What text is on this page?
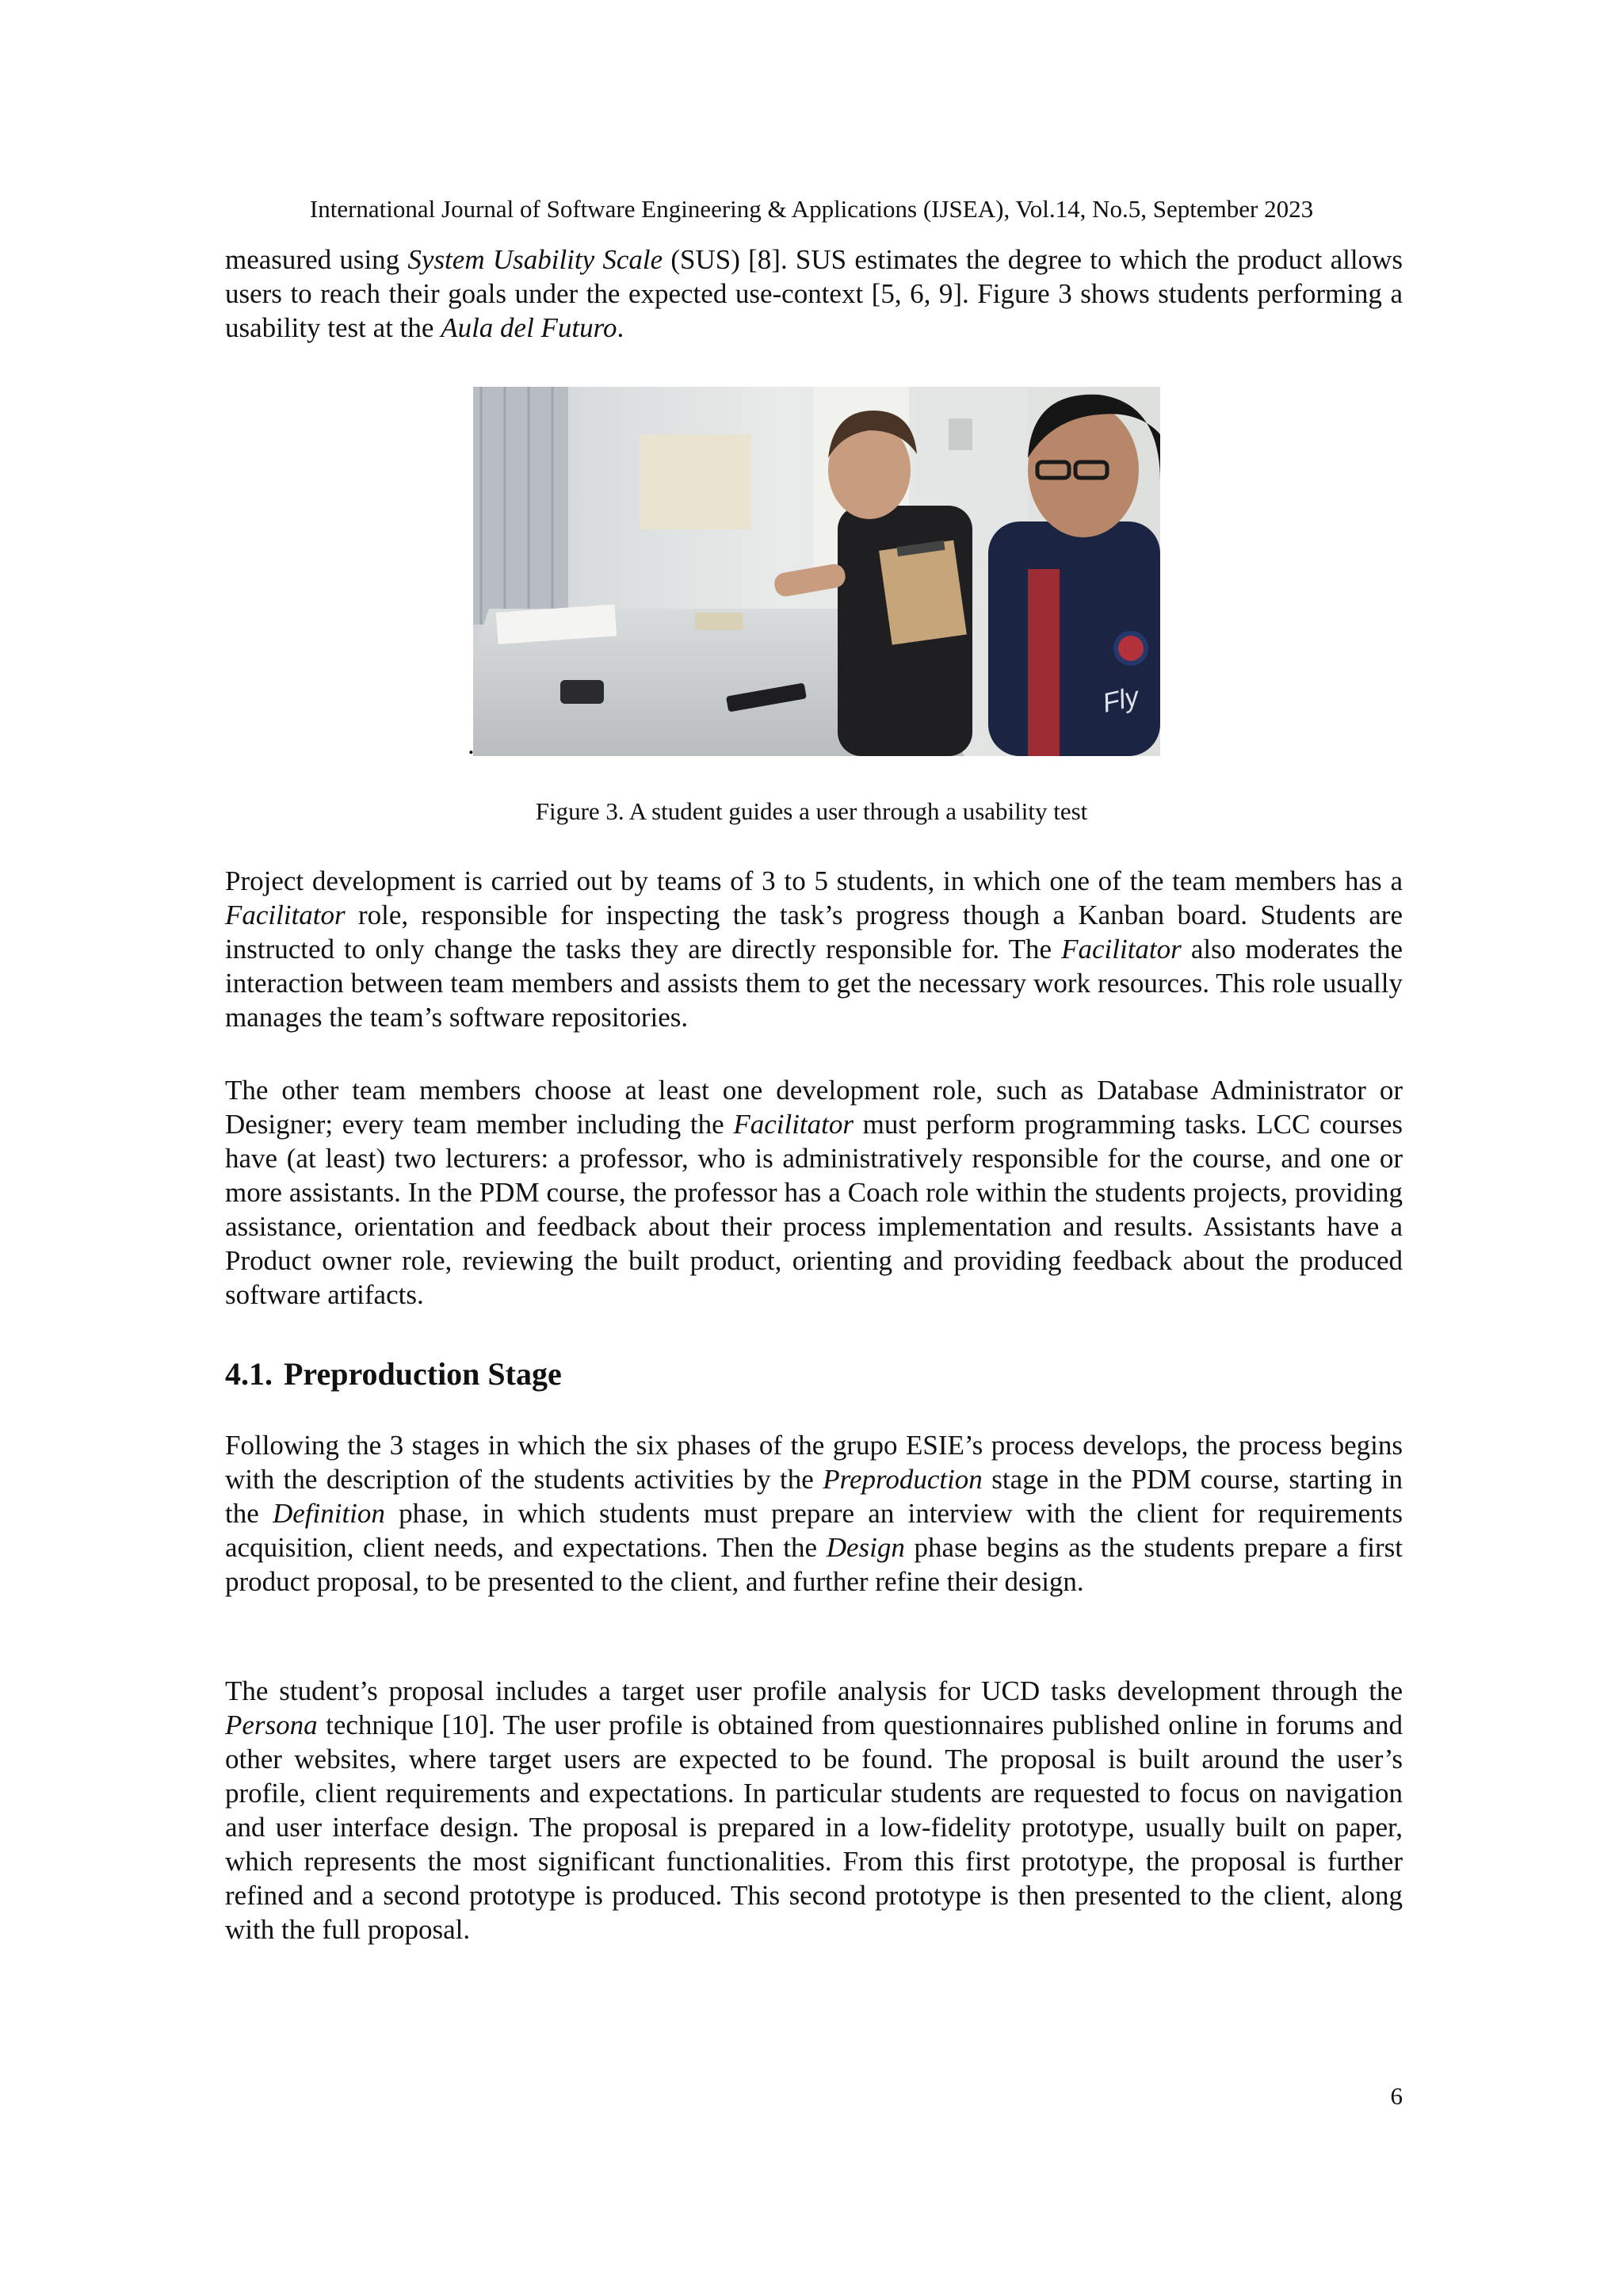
International Journal of Software Engineering & Applications (IJSEA), Vol.14, No.5, September 2023

measured using System Usability Scale (SUS) [8]. SUS estimates the degree to which the product allows users to reach their goals under the expected use-context [5, 6, 9]. Figure 3 shows students performing a usability test at the Aula del Futuro.

Fly
.
Figure 3. A student guides a user through a usability test

Project development is carried out by teams of 3 to 5 students, in which one of the team members has a Facilitator role, responsible for inspecting the task’s progress though a Kanban board. Students are instructed to only change the tasks they are directly responsible for. The Facilitator also moderates the interaction between team members and assists them to get the necessary work resources. This role usually manages the team’s software repositories.

The other team members choose at least one development role, such as Database Administrator or Designer; every team member including the Facilitator must perform programming tasks. LCC courses have (at least) two lecturers: a professor, who is administratively responsible for the course, and one or more assistants. In the PDM course, the professor has a Coach role within the students projects, providing assistance, orientation and feedback about their process implementation and results. Assistants have a Product owner role, reviewing the built product, orienting and providing feedback about the produced software artifacts.

4.1. Preproduction Stage

Following the 3 stages in which the six phases of the grupo ESIE’s process develops, the process begins with the description of the students activities by the Preproduction stage in the PDM course, starting in the Definition phase, in which students must prepare an interview with the client for requirements acquisition, client needs, and expectations. Then the Design phase begins as the students prepare a first product proposal, to be presented to the client, and further refine their design.

The student’s proposal includes a target user profile analysis for UCD tasks development through the Persona technique [10]. The user profile is obtained from questionnaires published online in forums and other websites, where target users are expected to be found. The proposal is built around the user’s profile, client requirements and expectations. In particular students are requested to focus on navigation and user interface design. The proposal is prepared in a low-fidelity prototype, usually built on paper, which represents the most significant functionalities. From this first prototype, the proposal is further refined and a second prototype is produced. This second prototype is then presented to the client, along with the full proposal.

6
